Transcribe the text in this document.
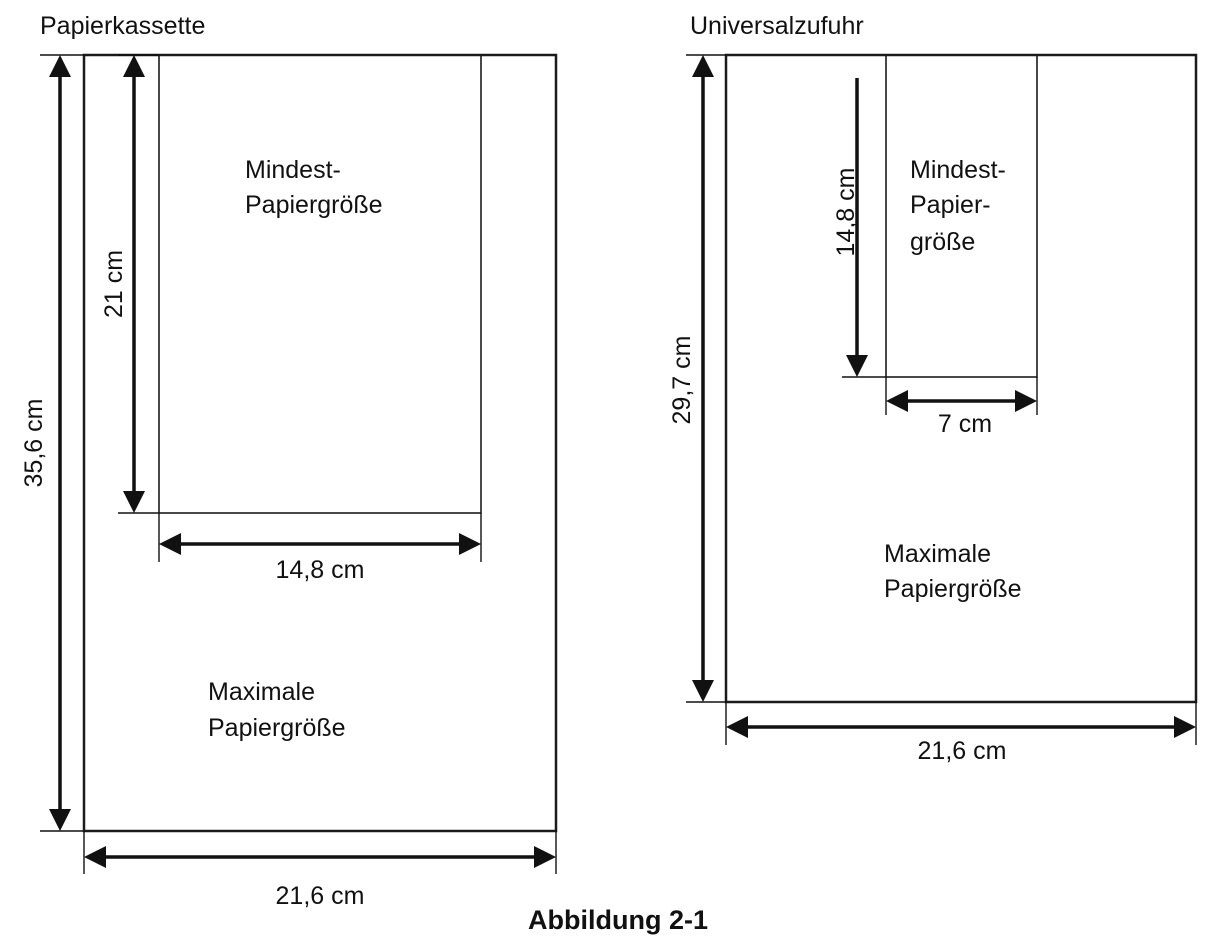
Papierkassette
Mindest-
Papiergröße
Maximale
Papiergröße
35,6 cm
21 cm
14,8 cm
21,6 cm
Universalzufuhr
Mindest-
Papier-
größe
Maximale
Papiergröße
29,7 cm
14,8 cm
7 cm
21,6 cm
Abbildung 2-1
